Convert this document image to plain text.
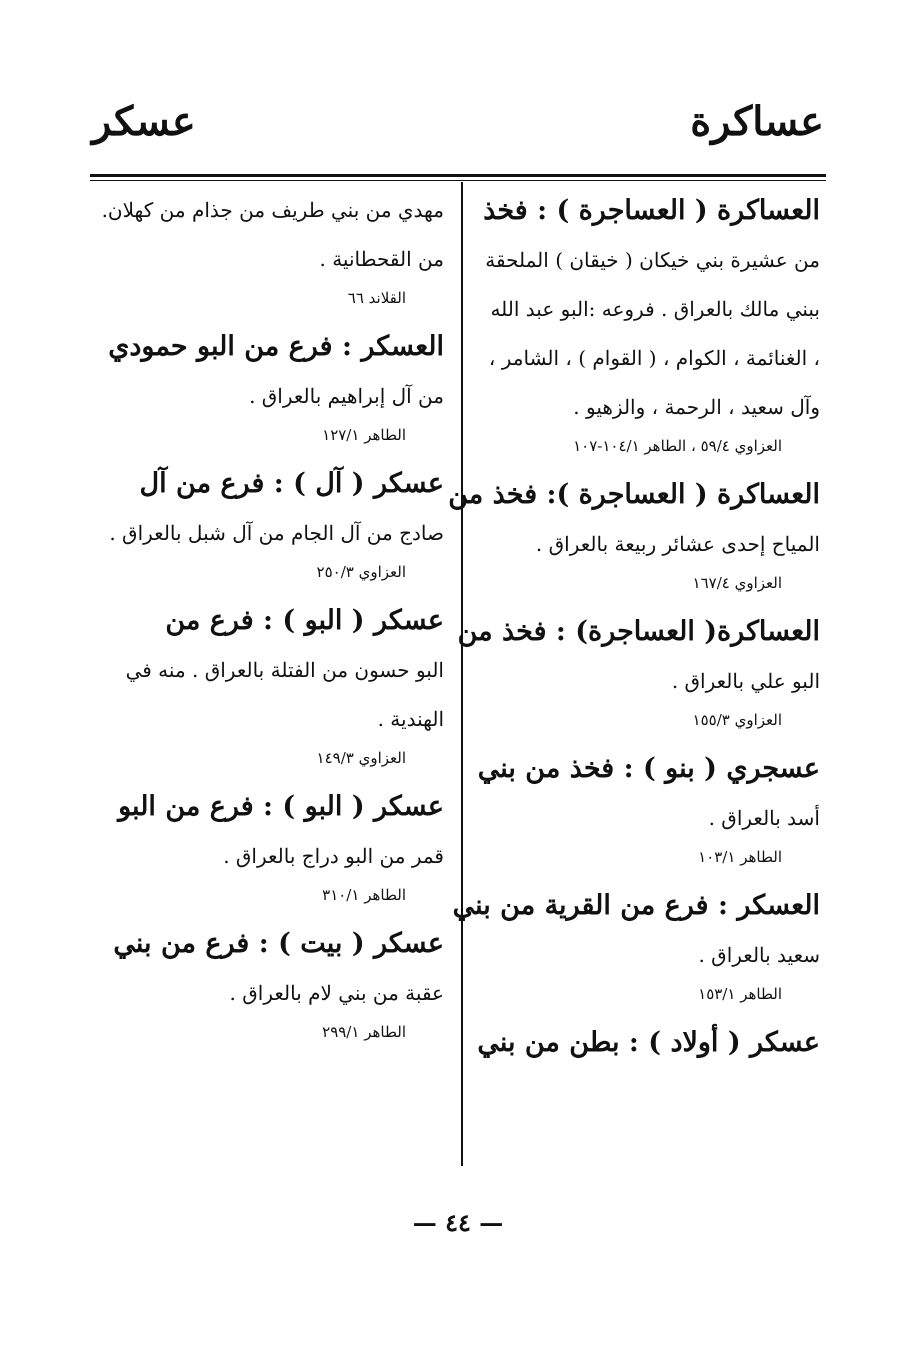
عساكرة
عسكر
العساكرة ( العساجرة ) : فخذ
من عشيرة بني خيكان ( خيقان ) الملحقة ببني مالك بالعراق . فروعه :البو عبد الله ، الغنائمة ، الكوام ، ( القوام ) ، الشامر ، وآل سعيد ، الرحمة ، والزهيو .
العزاوي ٥٩/٤ ، الطاهر ١٠٤/١-١٠٧
العساكرة ( العساجرة ): فخذ من
المياح إحدى عشائر ربيعة بالعراق .
العزاوي ١٦٧/٤
العساكرة( العساجرة) : فخذ من
البو علي بالعراق .
العزاوي ١٥٥/٣
عسجري ( بنو ) : فخذ من بني
أسد بالعراق .
الطاهر ١٠٣/١
العسكر : فرع من القرية من بني
سعيد بالعراق .
الطاهر ١٥٣/١
عسكر ( أولاد ) : بطن من بني
مهدي من بني طريف من جذام من كهلان. من القحطانية .
القلاند ٦٦
العسكر : فرع من البو حمودي
من آل إبراهيم بالعراق .
الطاهر ١٢٧/١
عسكر ( آل ) : فرع من آل
صادج من آل الجام من آل شبل بالعراق .
العزاوي ٢٥٠/٣
عسكر ( البو ) : فرع من
البو حسون من الفتلة بالعراق . منه في الهندية .
العزاوي ١٤٩/٣
عسكر ( البو ) : فرع من البو
قمر من البو دراج بالعراق .
الطاهر ٣١٠/١
عسكر ( بيت ) : فرع من بني
عقبة من بني لام بالعراق .
الطاهر ٢٩٩/١
— ٤٤ —
